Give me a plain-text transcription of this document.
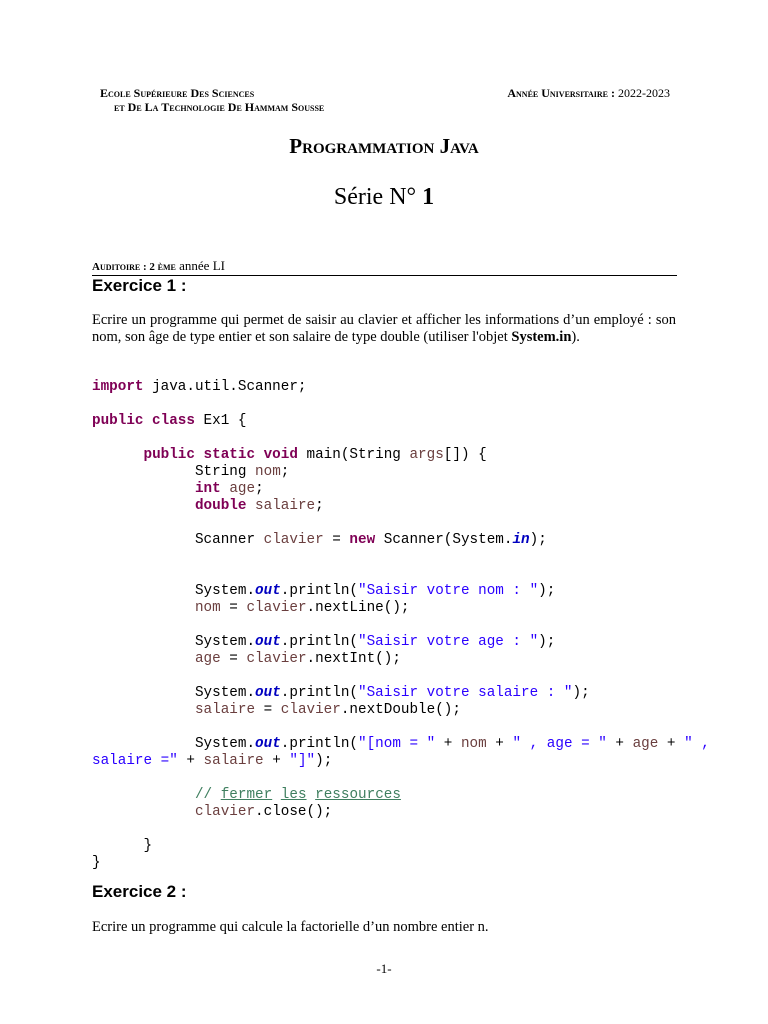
Ecole Supérieure Des Sciences
et De La Technologie De Hammam Sousse
Année Universitaire : 2022-2023
Programmation Java
Série N° 1
Auditoire : 2 ème année LI
Exercice 1 :
Ecrire un programme qui permet de saisir au clavier et afficher les informations d’un employé : son nom, son âge de type entier et son salaire de type double (utiliser l'objet System.in).
import java.util.Scanner;

public class Ex1 {

public static void main(String args[]) {
String nom;
int age;
double salaire;

Scanner clavier = new Scanner(System.in);

System.out.println("Saisir votre nom : ");
nom = clavier.nextLine();

System.out.println("Saisir votre age : ");
age = clavier.nextInt();

System.out.println("Saisir votre salaire : ");
salaire = clavier.nextDouble();

System.out.println("[nom = " + nom + " , age = " + age + " ,
salaire =" + salaire + "]");

// fermer les ressources
clavier.close();

}
}
Exercice 2 :
Ecrire un programme qui calcule la factorielle d’un nombre entier n.
-1-
